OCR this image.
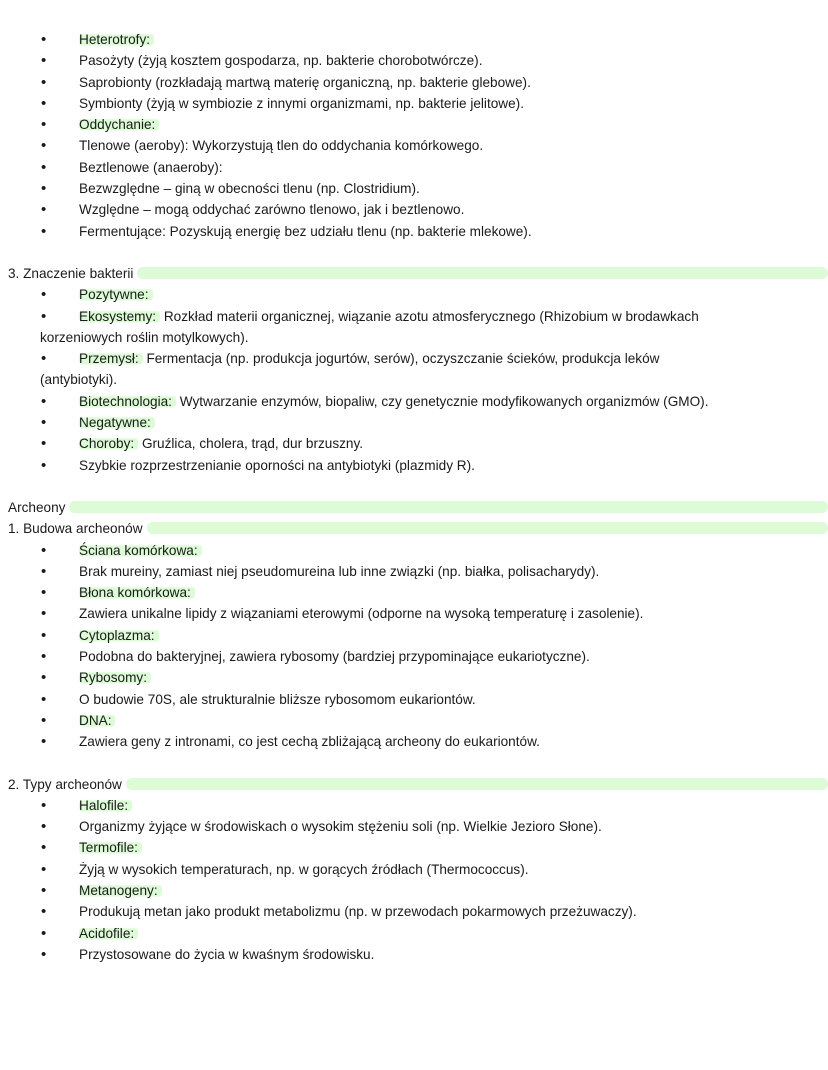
•	Heterotrofy:
•	Pasożyty (żyją kosztem gospodarza, np. bakterie chorobotwórcze).
•	Saprobionty (rozkładają martwą materię organiczną, np. bakterie glebowe).
•	Symbionty (żyją w symbiozie z innymi organizmami, np. bakterie jelitowe).
•	Oddychanie:
•	Tlenowe (aeroby): Wykorzystują tlen do oddychania komórkowego.
•	Beztlenowe (anaeroby):
•	Bezwzględne – giną w obecności tlenu (np. Clostridium).
•	Względne – mogą oddychać zarówno tlenowo, jak i beztlenowo.
•	Fermentujące: Pozyskują energię bez udziału tlenu (np. bakterie mlekowe).
3. Znaczenie bakterii
•	Pozytywne:
•	Ekosystemy: Rozkład materii organicznej, wiązanie azotu atmosferycznego (Rhizobium w brodawkach
korzeniowych roślin motylkowych).
•	Przemysł: Fermentacja (np. produkcja jogurtów, serów), oczyszczanie ścieków, produkcja leków
(antybiotyki).
•	Biotechnologia: Wytwarzanie enzymów, biopaliw, czy genetycznie modyfikowanych organizmów (GMO).
•	Negatywne:
•	Choroby: Gruźlica, cholera, trąd, dur brzuszny.
•	Szybkie rozprzestrzenianie oporności na antybiotyki (plazmidy R).
Archeony
1. Budowa archeonów
•	Ściana komórkowa:
•	Brak mureiny, zamiast niej pseudomureina lub inne związki (np. białka, polisacharydy).
•	Błona komórkowa:
•	Zawiera unikalne lipidy z wiązaniami eterowymi (odporne na wysoką temperaturę i zasolenie).
•	Cytoplazma:
•	Podobna do bakteryjnej, zawiera rybosomy (bardziej przypominające eukariotyczne).
•	Rybosomy:
•	O budowie 70S, ale strukturalnie bliższe rybosomom eukariontów.
•	DNA:
•	Zawiera geny z intronami, co jest cechą zbliżającą archeony do eukariontów.
2. Typy archeonów
•	Halofile:
•	Organizmy żyjące w środowiskach o wysokim stężeniu soli (np. Wielkie Jezioro Słone).
•	Termofile:
•	Żyją w wysokich temperaturach, np. w gorących źródłach (Thermococcus).
•	Metanogeny:
•	Produkują metan jako produkt metabolizmu (np. w przewodach pokarmowych przeżuwaczy).
•	Acidofile:
•	Przystosowane do życia w kwaśnym środowisku.
